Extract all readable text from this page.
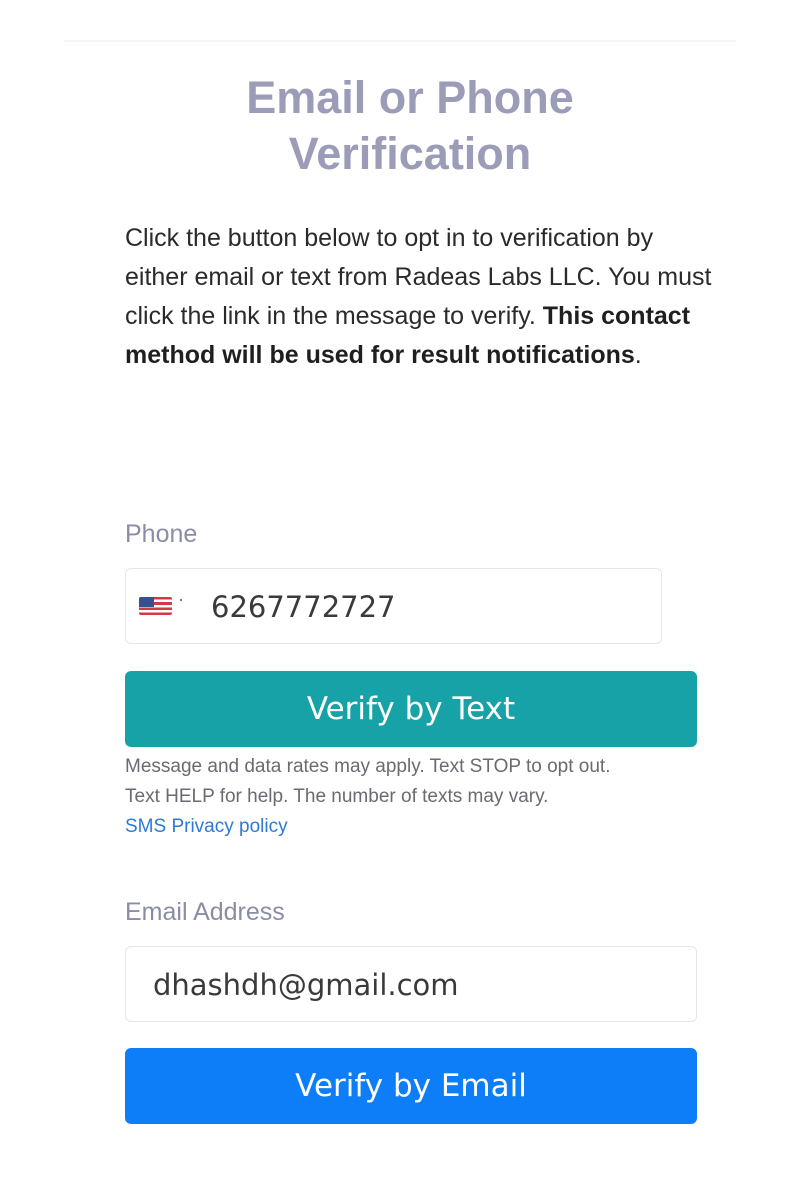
Email or Phone
Verification
Click the button below to opt in to verification by either email or text from Radeas Labs LLC. You must click the link in the message to verify. This contact method will be used for result notifications.
Phone
·
6267772727
Verify by Text
Message and data rates may apply. Text STOP to opt out.
Text HELP for help. The number of texts may vary.
SMS Privacy policy
Email Address
dhashdh@gmail.com
Verify by Email
